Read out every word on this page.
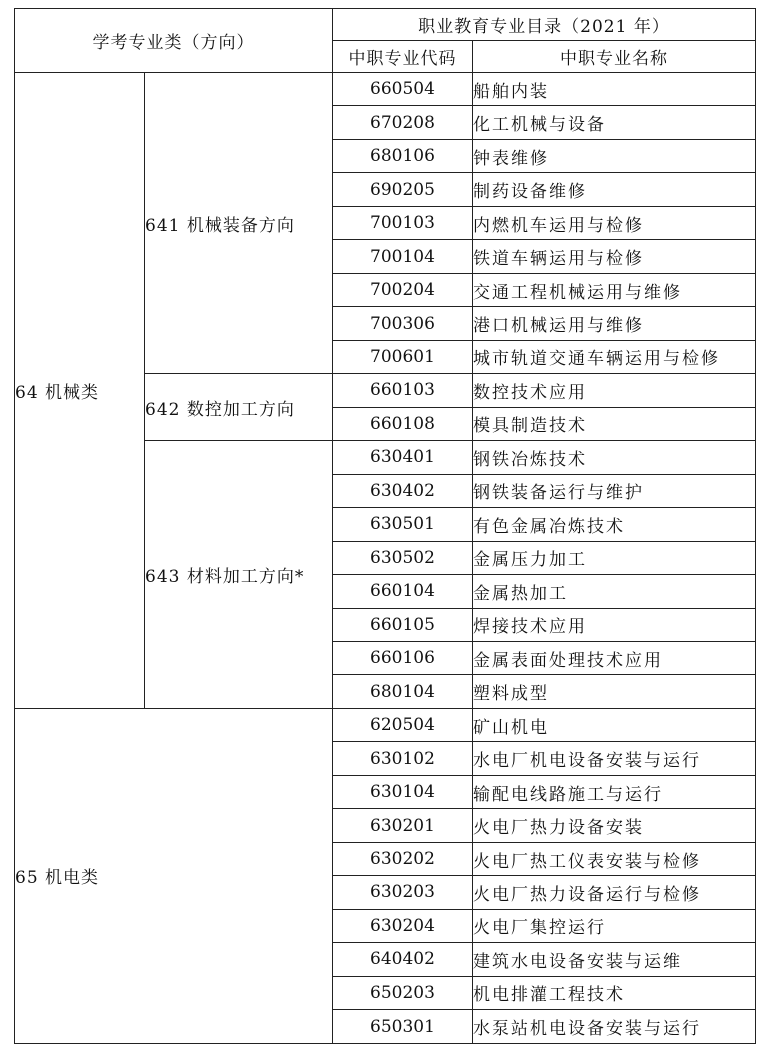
学考专业类（方向）		职业教育专业目录（2021 年）	
		中职专业代码	中职专业名称
64 机械类	641 机械装备方向	660504	船舶内装
		670208	化工机械与设备
		680106	钟表维修
		690205	制药设备维修
		700103	内燃机车运用与检修
		700104	铁道车辆运用与检修
		700204	交通工程机械运用与维修
		700306	港口机械运用与维修
		700601	城市轨道交通车辆运用与检修
	642 数控加工方向	660103	数控技术应用
		660108	模具制造技术
	643 材料加工方向*	630401	钢铁冶炼技术
		630402	钢铁装备运行与维护
		630501	有色金属冶炼技术
		630502	金属压力加工
		660104	金属热加工
		660105	焊接技术应用
		660106	金属表面处理技术应用
		680104	塑料成型
65 机电类		620504	矿山机电
		630102	水电厂机电设备安装与运行
		630104	输配电线路施工与运行
		630201	火电厂热力设备安装
		630202	火电厂热工仪表安装与检修
		630203	火电厂热力设备运行与检修
		630204	火电厂集控运行
		640402	建筑水电设备安装与运维
		650203	机电排灌工程技术
		650301	水泵站机电设备安装与运行
